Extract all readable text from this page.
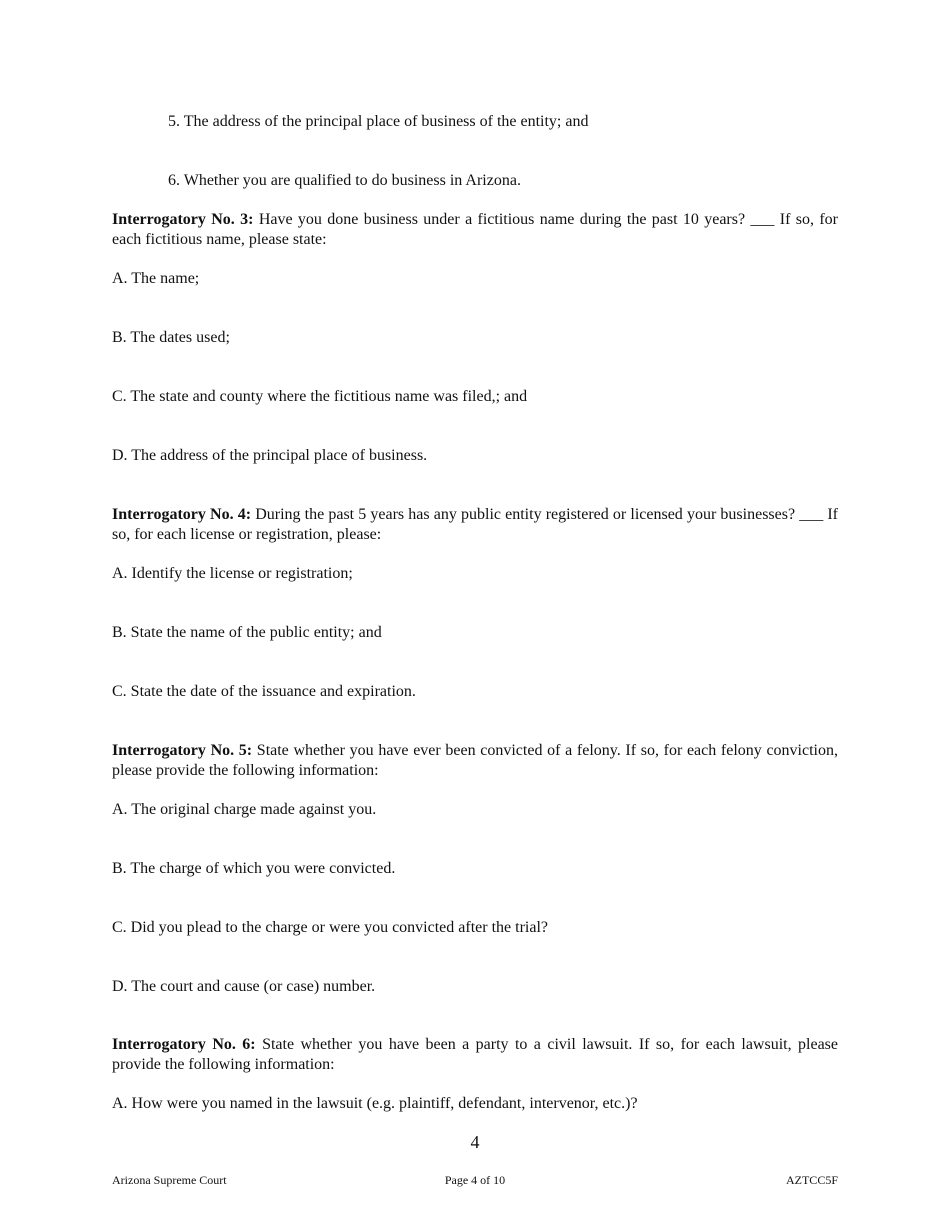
5. The address of the principal place of business of the entity; and
6. Whether you are qualified to do business in Arizona.
Interrogatory No. 3: Have you done business under a fictitious name during the past 10 years? ___ If so, for each fictitious name, please state:
A. The name;
B. The dates used;
C. The state and county where the fictitious name was filed,; and
D. The address of the principal place of business.
Interrogatory No. 4: During the past 5 years has any public entity registered or licensed your businesses? ___ If so, for each license or registration, please:
A. Identify the license or registration;
B. State the name of the public entity; and
C. State the date of the issuance and expiration.
Interrogatory No. 5: State whether you have ever been convicted of a felony. If so, for each felony conviction, please provide the following information:
A. The original charge made against you.
B. The charge of which you were convicted.
C. Did you plead to the charge or were you convicted after the trial?
D. The court and cause (or case) number.
Interrogatory No. 6: State whether you have been a party to a civil lawsuit. If so, for each lawsuit, please provide the following information:
A. How were you named in the lawsuit (e.g. plaintiff, defendant, intervenor, etc.)?
4
Arizona Supreme Court	Page 4 of 10	AZTCC5F
